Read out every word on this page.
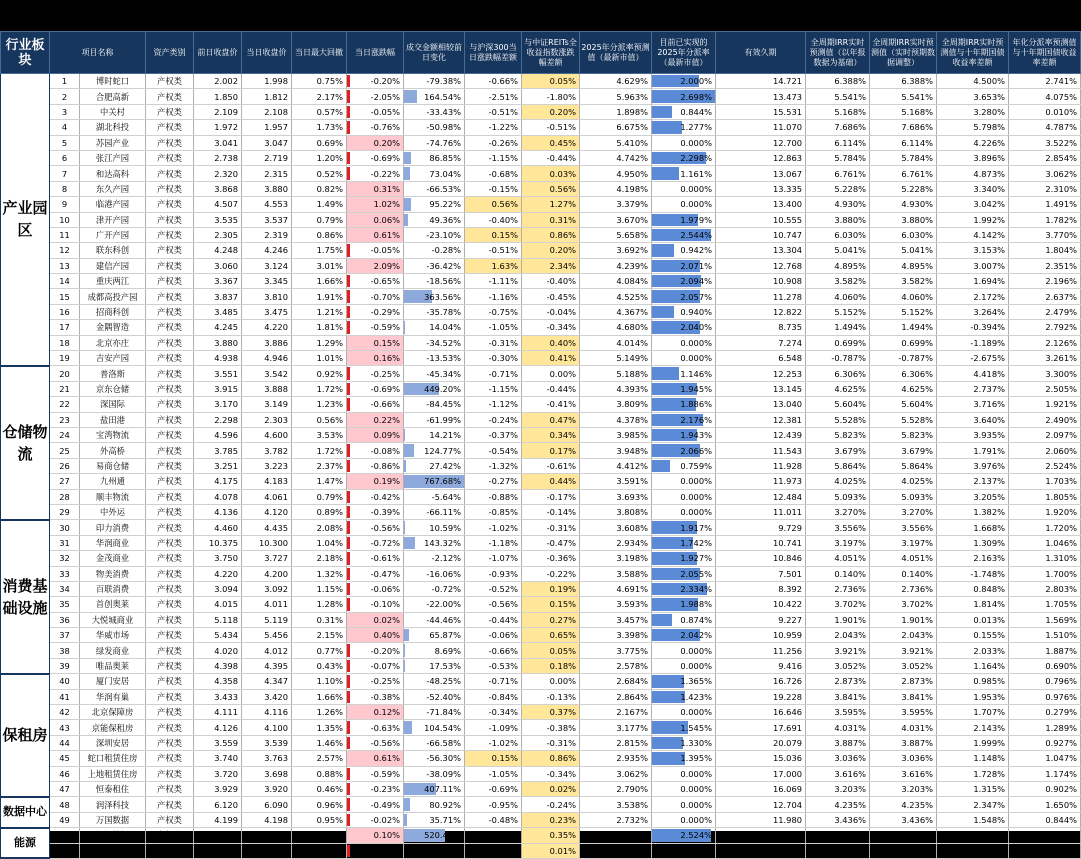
行业板块	项目名称		资产类别	前日收盘价	当日收盘价	当日最大回撤	当日涨跌幅	成交金额相较前日变化	与沪深300当日涨跌幅差额	与中证REITs全收益指数涨跌幅差额	2025年分派率预测值（最新市值）	目前已实现的2025年分派率（最新市值）	有效久期	全周期IRR实时预测值（以年报数据为基础）	全周期IRR实时预测值（实时预期数据调整）	全周期IRR实时预测值与十年期国债收益率差额	年化分派率预测值与十年期国债收益率差额
产业园区	1	博时蛇口	产权类	2.002	1.998	0.75%	-0.20%	-79.38%	-0.66%	0.05%	4.629%	2.000%	14.721	6.388%	6.388%	4.500%	2.741%
	2	合肥高新	产权类	1.850	1.812	2.17%	-2.05%	164.54%	-2.51%	-1.80%	5.963%	2.698%	13.473	5.541%	5.541%	3.653%	4.075%
	3	中关村	产权类	2.109	2.108	0.57%	-0.05%	-33.43%	-0.51%	0.20%	1.898%	0.844%	15.531	5.168%	5.168%	3.280%	0.010%
	4	湖北科投	产权类	1.972	1.957	1.73%	-0.76%	-50.98%	-1.22%	-0.51%	6.675%	1.277%	11.070	7.686%	7.686%	5.798%	4.787%
	5	苏园产业	产权类	3.041	3.047	0.69%	0.20%	-74.76%	-0.26%	0.45%	5.410%	0.000%	12.700	6.114%	6.114%	4.226%	3.522%
	6	张江产园	产权类	2.738	2.719	1.20%	-0.69%	86.85%	-1.15%	-0.44%	4.742%	2.298%	12.863	5.784%	5.784%	3.896%	2.854%
	7	和达高科	产权类	2.320	2.315	0.52%	-0.22%	73.04%	-0.68%	0.03%	4.950%	1.161%	13.067	6.761%	6.761%	4.873%	3.062%
	8	东久产园	产权类	3.868	3.880	0.82%	0.31%	-66.53%	-0.15%	0.56%	4.198%	0.000%	13.335	5.228%	5.228%	3.340%	2.310%
	9	临港产园	产权类	4.507	4.553	1.49%	1.02%	95.22%	0.56%	1.27%	3.379%	0.000%	13.400	4.930%	4.930%	3.042%	1.491%
	10	津开产园	产权类	3.535	3.537	0.79%	0.06%	49.36%	-0.40%	0.31%	3.670%	1.979%	10.555	3.880%	3.880%	1.992%	1.782%
	11	广开产园	产权类	2.305	2.319	0.86%	0.61%	-23.10%	0.15%	0.86%	5.658%	2.544%	10.747	6.030%	6.030%	4.142%	3.770%
	12	联东科创	产权类	4.248	4.246	1.75%	-0.05%	-0.28%	-0.51%	0.20%	3.692%	0.942%	13.304	5.041%	5.041%	3.153%	1.804%
	13	建信产园	产权类	3.060	3.124	3.01%	2.09%	-36.42%	1.63%	2.34%	4.239%	2.071%	12.768	4.895%	4.895%	3.007%	2.351%
	14	重庆两江	产权类	3.367	3.345	1.66%	-0.65%	-18.56%	-1.11%	-0.40%	4.084%	2.094%	10.908	3.582%	3.582%	1.694%	2.196%
	15	成都高投产园	产权类	3.837	3.810	1.91%	-0.70%	363.56%	-1.16%	-0.45%	4.525%	2.057%	11.278	4.060%	4.060%	2.172%	2.637%
	16	招商科创	产权类	3.485	3.475	1.21%	-0.29%	-35.78%	-0.75%	-0.04%	4.367%	0.940%	12.822	5.152%	5.152%	3.264%	2.479%
	17	金隅智造	产权类	4.245	4.220	1.81%	-0.59%	14.04%	-1.05%	-0.34%	4.680%	2.040%	8.735	1.494%	1.494%	-0.394%	2.792%
	18	北京亦庄	产权类	3.880	3.886	1.29%	0.15%	-34.52%	-0.31%	0.40%	4.014%	0.000%	7.274	0.699%	0.699%	-1.189%	2.126%
	19	吉安产园	产权类	4.938	4.946	1.01%	0.16%	-13.53%	-0.30%	0.41%	5.149%	0.000%	6.548	-0.787%	-0.787%	-2.675%	3.261%
仓储物流	20	普洛斯	产权类	3.551	3.542	0.92%	-0.25%	-45.34%	-0.71%	0.00%	5.188%	1.146%	12.253	6.306%	6.306%	4.418%	3.300%
	21	京东仓储	产权类	3.915	3.888	1.72%	-0.69%	449.20%	-1.15%	-0.44%	4.393%	1.945%	13.145	4.625%	4.625%	2.737%	2.505%
	22	深国际	产权类	3.170	3.149	1.23%	-0.66%	-84.45%	-1.12%	-0.41%	3.809%	1.886%	13.040	5.604%	5.604%	3.716%	1.921%
	23	盐田港	产权类	2.298	2.303	0.56%	0.22%	-61.99%	-0.24%	0.47%	4.378%	2.176%	12.381	5.528%	5.528%	3.640%	2.490%
	24	宝湾物流	产权类	4.596	4.600	3.53%	0.09%	14.21%	-0.37%	0.34%	3.985%	1.943%	12.439	5.823%	5.823%	3.935%	2.097%
	25	外高桥	产权类	3.785	3.782	1.72%	-0.08%	124.77%	-0.54%	0.17%	3.948%	2.066%	11.543	3.679%	3.679%	1.791%	2.060%
	26	易商仓储	产权类	3.251	3.223	2.37%	-0.86%	27.42%	-1.32%	-0.61%	4.412%	0.759%	11.928	5.864%	5.864%	3.976%	2.524%
	27	九州通	产权类	4.175	4.183	1.47%	0.19%	767.68%	-0.27%	0.44%	3.591%	0.000%	11.973	4.025%	4.025%	2.137%	1.703%
	28	顺丰物流	产权类	4.078	4.061	0.79%	-0.42%	-5.64%	-0.88%	-0.17%	3.693%	0.000%	12.484	5.093%	5.093%	3.205%	1.805%
	29	中外运	产权类	4.136	4.120	0.89%	-0.39%	-66.11%	-0.85%	-0.14%	3.808%	0.000%	11.011	3.270%	3.270%	1.382%	1.920%
消费基础设施	30	印力消费	产权类	4.460	4.435	2.08%	-0.56%	10.59%	-1.02%	-0.31%	3.608%	1.917%	9.729	3.556%	3.556%	1.668%	1.720%
	31	华润商业	产权类	10.375	10.300	1.04%	-0.72%	143.32%	-1.18%	-0.47%	2.934%	1.742%	10.741	3.197%	3.197%	1.309%	1.046%
	32	金茂商业	产权类	3.750	3.727	2.18%	-0.61%	-2.12%	-1.07%	-0.36%	3.198%	1.927%	10.846	4.051%	4.051%	2.163%	1.310%
	33	物美消费	产权类	4.220	4.200	1.32%	-0.47%	-16.06%	-0.93%	-0.22%	3.588%	2.055%	7.501	0.140%	0.140%	-1.748%	1.700%
	34	百联消费	产权类	3.094	3.092	1.15%	-0.06%	-0.72%	-0.52%	0.19%	4.691%	2.334%	8.392	2.736%	2.736%	0.848%	2.803%
	35	首创奥莱	产权类	4.015	4.011	1.28%	-0.10%	-22.00%	-0.56%	0.15%	3.593%	1.988%	10.422	3.702%	3.702%	1.814%	1.705%
	36	大悦城商业	产权类	5.118	5.119	0.31%	0.02%	-44.46%	-0.44%	0.27%	3.457%	0.874%	9.227	1.901%	1.901%	0.013%	1.569%
	37	华威市场	产权类	5.434	5.456	2.15%	0.40%	65.87%	-0.06%	0.65%	3.398%	2.042%	10.959	2.043%	2.043%	0.155%	1.510%
	38	绿发商业	产权类	4.020	4.012	0.77%	-0.20%	8.69%	-0.66%	0.05%	3.775%	0.000%	11.256	3.921%	3.921%	2.033%	1.887%
	39	唯品奥莱	产权类	4.398	4.395	0.43%	-0.07%	17.53%	-0.53%	0.18%	2.578%	0.000%	9.416	3.052%	3.052%	1.164%	0.690%
保租房	40	厦门安居	产权类	4.358	4.347	1.10%	-0.25%	-48.25%	-0.71%	0.00%	2.684%	1.365%	16.726	2.873%	2.873%	0.985%	0.796%
	41	华润有巢	产权类	3.433	3.420	1.66%	-0.38%	-52.40%	-0.84%	-0.13%	2.864%	1.423%	19.228	3.841%	3.841%	1.953%	0.976%
	42	北京保障房	产权类	4.111	4.116	1.26%	0.12%	-71.84%	-0.34%	0.37%	2.167%	0.000%	16.646	3.595%	3.595%	1.707%	0.279%
	43	京能保租房	产权类	4.126	4.100	1.35%	-0.63%	104.54%	-1.09%	-0.38%	3.177%	1.545%	17.691	4.031%	4.031%	2.143%	1.289%
	44	深圳安居	产权类	3.559	3.539	1.46%	-0.56%	-66.58%	-1.02%	-0.31%	2.815%	1.330%	20.079	3.887%	3.887%	1.999%	0.927%
	45	蛇口租赁住房	产权类	3.740	3.763	2.57%	0.61%	-56.30%	0.15%	0.86%	2.935%	1.395%	15.036	3.036%	3.036%	1.148%	1.047%
	46	上地租赁住房	产权类	3.720	3.698	0.88%	-0.59%	-38.09%	-1.05%	-0.34%	3.062%	0.000%	17.000	3.616%	3.616%	1.728%	1.174%
	47	恒泰租住	产权类	3.929	3.920	0.46%	-0.23%	407.11%	-0.69%	0.02%	2.790%	0.000%	16.069	3.203%	3.203%	1.315%	0.902%
数据中心	48	润泽科技	产权类	6.120	6.090	0.96%	-0.49%	80.92%	-0.95%	-0.24%	3.538%	0.000%	12.704	4.235%	4.235%	2.347%	1.650%
	49	万国数据	产权类	4.199	4.198	0.95%	-0.02%	35.71%	-0.48%	0.23%	2.732%	0.000%	11.980	3.436%	3.436%	1.548%	0.844%
能源	50	深圳能源	产权类	6.134	6.140	0.59%	0.10%	520.41%	-0.36%	0.35%	5.094%	2.524%	7.910	3.306%	6.390%	1.418%	3.206%
	51	华电清洁能源	产权类	4.609	4.598	0.37%	-0.24%	-33.40%	-0.70%	0.01%	4.667%	0.000%	7.914	0.062%	0.062%	-1.826%	2.779%
